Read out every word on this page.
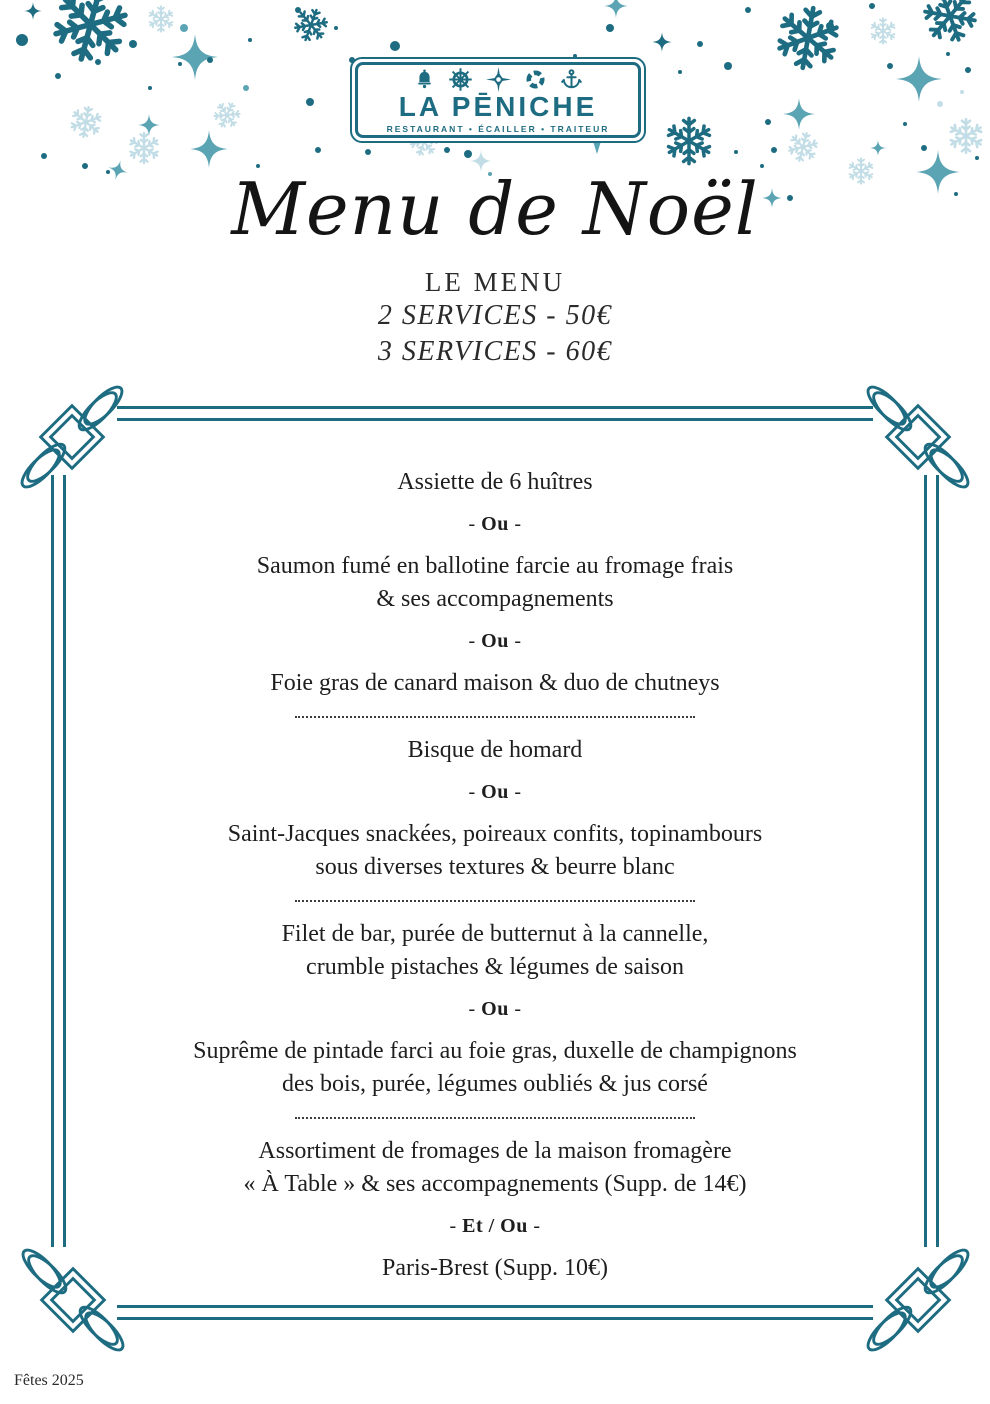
LA PĒNICHE
RESTAURANT • ÉCAILLER • TRAITEUR
Menu de Noël
LE MENU
2 SERVICES - 50€
3 SERVICES - 60€
Assiette de 6 huîtres
- Ou -
Saumon fumé en ballotine farcie au fromage frais
& ses accompagnements
- Ou -
Foie gras de canard maison & duo de chutneys
Bisque de homard
- Ou -
Saint-Jacques snackées, poireaux confits, topinambours
sous diverses textures & beurre blanc
Filet de bar, purée de butternut à la cannelle,
crumble pistaches & légumes de saison
- Ou -
Suprême de pintade farci au foie gras, duxelle de champignons
des bois, purée, légumes oubliés & jus corsé
Assortiment de fromages de la maison fromagère
« À Table » & ses accompagnements (Supp. de 14€)
- Et / Ou -
Paris-Brest (Supp. 10€)
Fêtes 2025
